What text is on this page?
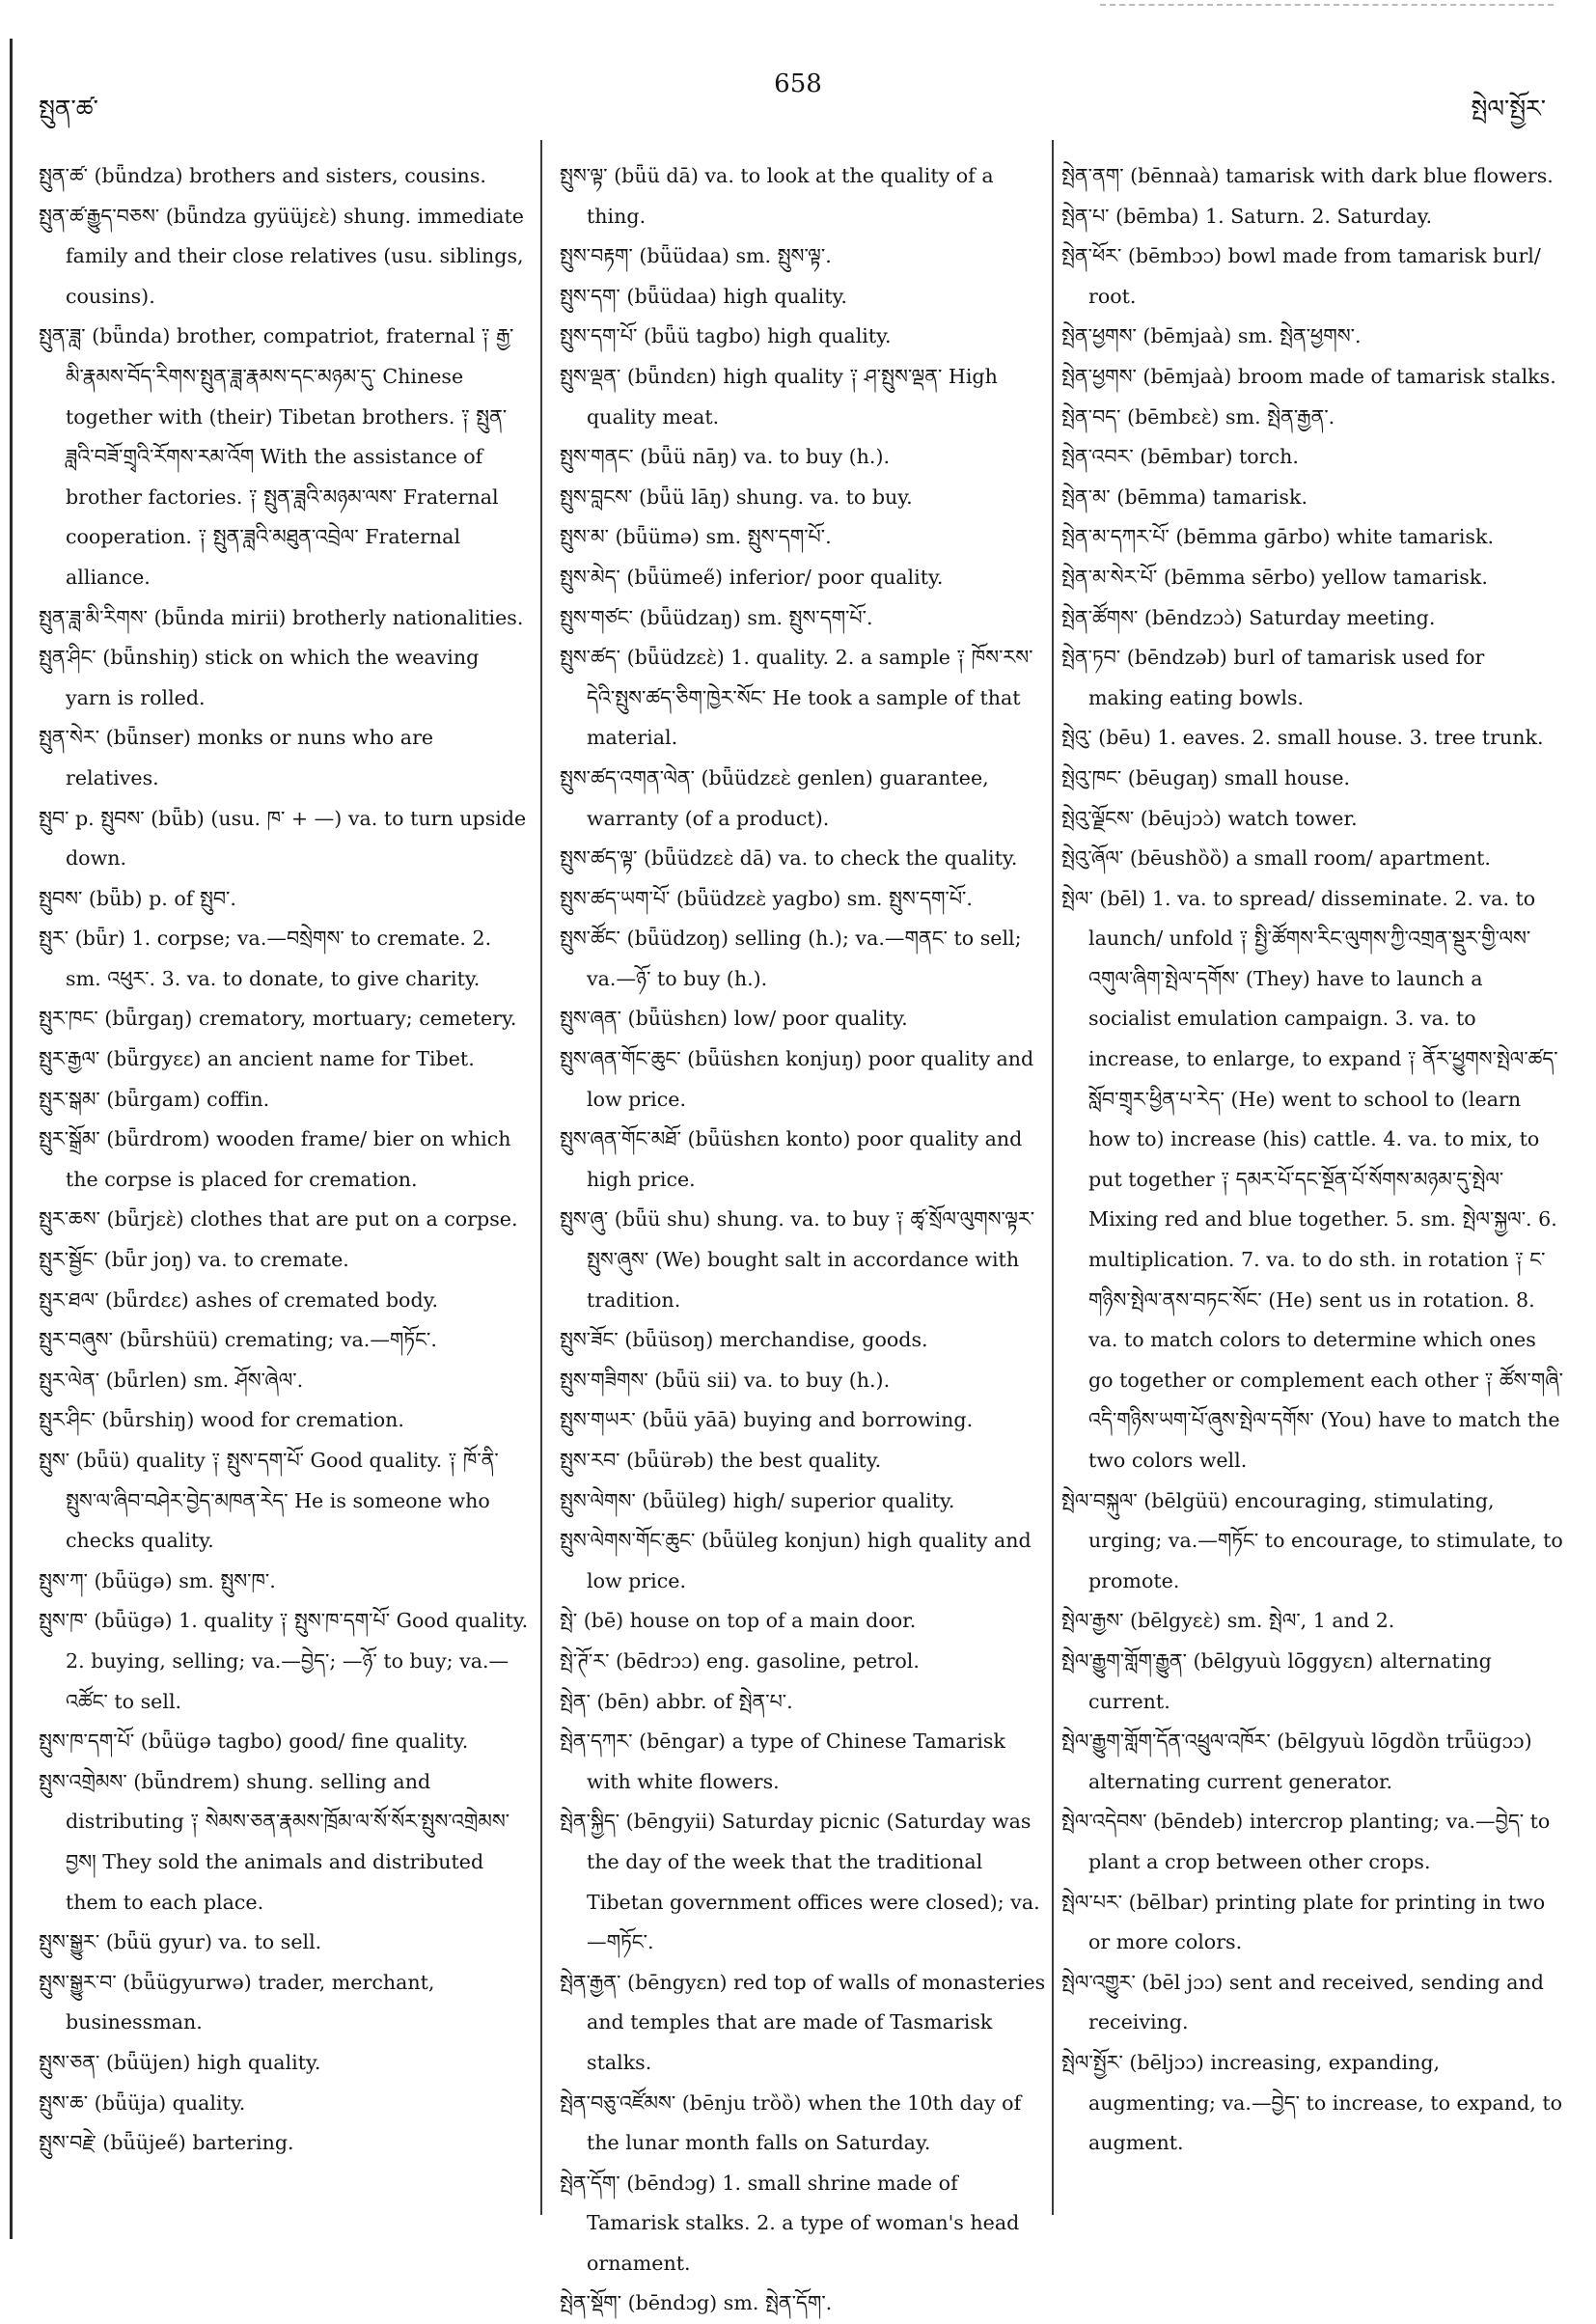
སྤུན་ཚ་
658
སྤེལ་སྤྱོར་

སྤུན་ཚ་ (bǖndza) brothers and sisters, cousins.

སྤུན་ཚ་རྒྱུད་བཅས་ (bǖndza gyüüjɛɛ̀) shung. immediate family and their close relatives (usu. siblings, cousins).

སྤུན་ཟླ་ (bǖnda) brother, compatriot, fraternal ༑ རྒྱ་མི་རྣམས་བོད་རིགས་སྤུན་ཟླ་རྣམས་དང་མཉམ་དུ་ Chinese together with (their) Tibetan brothers. ༑ སྤུན་ཟླའི་བཟོ་གྲྭའི་རོགས་རམ་འོག With the assistance of brother factories. ༑ སྤུན་ཟླའི་མཉམ་ལས་ Fraternal cooperation. ༑ སྤུན་ཟླའི་མཐུན་འབྲེལ་ Fraternal alliance.

སྤུན་ཟླ་མི་རིགས་ (bǖnda mirii) brotherly nationalities.

སྤུན་ཤིང་ (bǖnshiŋ) stick on which the weaving yarn is rolled.

སྤུན་སེར་ (bǖnser) monks or nuns who are relatives.

སྤུབ་ p. སྤུབས་ (bǖb) (usu. ཁ་ + —) va. to turn upside down.

སྤུབས་ (bǖb) p. of སྤུབ་.

སྤུར་ (bǖr) 1. corpse; va.—བསྲེགས་ to cremate. 2. sm. འཕུར་. 3. va. to donate, to give charity.

སྤུར་ཁང་ (bǖrgaŋ) crematory, mortuary; cemetery.

སྤུར་རྒྱལ་ (bǖrgyɛɛ) an ancient name for Tibet.

སྤུར་སྒམ་ (bǖrgam) coffin.

སྤུར་སྒྲོམ་ (bǖrdrom) wooden frame/ bier on which the corpse is placed for cremation.

སྤུར་ཆས་ (bǖrjɛɛ̀) clothes that are put on a corpse.

སྤུར་སྦྱོང་ (bǖr joŋ) va. to cremate.

སྤུར་ཐལ་ (bǖrdɛɛ) ashes of cremated body.

སྤུར་བཞུས་ (bǖrshüü) cremating; va.—གཏོང་.

སྤུར་ལེན་ (bǖrlen) sm. ཤོས་ཞེལ་.

སྤུར་ཤིང་ (bǖrshiŋ) wood for cremation.

སྤུས་ (bǖü) quality ༑ སྤུས་དག་པོ་ Good quality. ༑ ཁོ་ནི་སྤུས་ལ་ཞིབ་བཤེར་བྱེད་མཁན་རེད་ He is someone who checks quality.

སྤུས་ཀ་ (bǖügə) sm. སྤུས་ཁ་.

སྤུས་ཁ་ (bǖügə) 1. quality ༑ སྤུས་ཁ་དག་པོ་ Good quality. 2. buying, selling; va.—བྱེད་; —ཉོ་ to buy; va.—འཚོང་ to sell.

སྤུས་ཁ་དག་པོ་ (bǖügə tagbo) good/ fine quality.

སྤུས་འགྲེམས་ (bǖndrem) shung. selling and distributing ༑ སེམས་ཅན་རྣམས་ཁྲོམ་ལ་སོ་སོར་སྤུས་འགྲེམས་བྱས། They sold the animals and distributed them to each place.

སྤུས་སྒྱུར་ (bǖü gyur) va. to sell.

སྤུས་སྒྱུར་བ་ (bǖügyurwə) trader, merchant, businessman.

སྤུས་ཅན་ (bǖüjen) high quality.

སྤུས་ཆ་ (bǖüja) quality.

སྤུས་བརྗེ་ (bǖüjee̋) bartering.

སྤུས་ལྟ་ (bǖü dā) va. to look at the quality of a thing.

སྤུས་བརྟག་ (bǖüdaa) sm. སྤུས་ལྟ་.

སྤུས་དག་ (bǖüdaa) high quality.

སྤུས་དག་པོ་ (bǖü tagbo) high quality.

སྤུས་ལྡན་ (bǖndɛn) high quality ༑ ཤ་སྤུས་ལྡན་ High quality meat.

སྤུས་གནང་ (bǖü nāŋ) va. to buy (h.).

སྤུས་བླངས་ (bǖü lāŋ) shung. va. to buy.

སྤུས་མ་ (bǖümə) sm. སྤུས་དག་པོ་.

སྤུས་མེད་ (bǖümee̋) inferior/ poor quality.

སྤུས་གཙང་ (bǖüdzaŋ) sm. སྤུས་དག་པོ་.

སྤུས་ཚད་ (bǖüdzɛɛ̀) 1. quality. 2. a sample ༑ ཁོས་རས་དེའི་སྤུས་ཚད་ཅིག་ཁྱེར་སོང་ He took a sample of that material.

སྤུས་ཚད་འགན་ལེན་ (bǖüdzɛɛ̀ genlen) guarantee, warranty (of a product).

སྤུས་ཚད་ལྟ་ (bǖüdzɛɛ̀ dā) va. to check the quality.

སྤུས་ཚད་ཡག་པོ་ (bǖüdzɛɛ̀ yagbo) sm. སྤུས་དག་པོ་.

སྤུས་ཚོང་ (bǖüdzoŋ) selling (h.); va.—གནང་ to sell; va.—ཉོ་ to buy (h.).

སྤུས་ཞན་ (bǖüshɛn) low/ poor quality.

སྤུས་ཞན་གོང་ཆུང་ (bǖüshɛn konjuŋ) poor quality and low price.

སྤུས་ཞན་གོང་མཐོ་ (bǖüshɛn konto) poor quality and high price.

སྤུས་ཞུ་ (bǖü shu) shung. va. to buy ༑ ཚྭ་སྲོལ་ལུགས་ལྟར་སྤུས་ཞུས་ (We) bought salt in accordance with tradition.

སྤུས་ཟོང་ (bǖüsoŋ) merchandise, goods.

སྤུས་གཟིགས་ (bǖü sii) va. to buy (h.).

སྤུས་གཡར་ (bǖü yāā) buying and borrowing.

སྤུས་རབ་ (bǖürəb) the best quality.

སྤུས་ལེགས་ (bǖüleg) high/ superior quality.

སྤུས་ལེགས་གོང་ཆུང་ (bǖüleg konjun) high quality and low price.

སྤེ་ (bē) house on top of a main door.

སྤེ་ཊོ་ར་ (bēdrɔɔ) eng. gasoline, petrol.

སྤེན་ (bēn) abbr. of སྤེན་པ་.

སྤེན་དཀར་ (bēngar) a type of Chinese Tamarisk with white flowers.

སྤེན་སྐྱིད་ (bēngyii) Saturday picnic (Saturday was the day of the week that the traditional Tibetan government offices were closed); va.—གཏོང་.

སྤེན་རྒྱན་ (bēngyɛn) red top of walls of monasteries and temples that are made of Tasmarisk stalks.

སྤེན་བཅུ་འཛོམས་ (bēnju trȍȍ) when the 10th day of the lunar month falls on Saturday.

སྤེན་དོག་ (bēndɔg) 1. small shrine made of Tamarisk stalks. 2. a type of woman's head ornament.

སྤེན་སྡོག་ (bēndɔg) sm. སྤེན་དོག་.

སྤེན་ནག་ (bēnnaà) tamarisk with dark blue flowers.

སྤེན་པ་ (bēmba) 1. Saturn. 2. Saturday.

སྤེན་ཕོར་ (bēmbɔɔ) bowl made from tamarisk burl/ root.

སྤེན་ཕྱགས་ (bēmjaà) sm. སྤེན་ཕྱགས་.

སྤེན་ཕྱགས་ (bēmjaà) broom made of tamarisk stalks.

སྤེན་བད་ (bēmbɛɛ̀) sm. སྤེན་རྒྱན་.

སྤེན་འབར་ (bēmbar) torch.

སྤེན་མ་ (bēmma) tamarisk.

སྤེན་མ་དཀར་པོ་ (bēmma gārbo) white tamarisk.

སྤེན་མ་སེར་པོ་ (bēmma sērbo) yellow tamarisk.

སྤེན་ཚོགས་ (bēndzɔɔ̀) Saturday meeting.

སྤེན་ཏབ་ (bēndzəb) burl of tamarisk used for making eating bowls.

སྤེའུ་ (bēu) 1. eaves. 2. small house. 3. tree trunk.

སྤེའུ་ཁང་ (bēugaŋ) small house.

སྤེའུ་ལྗོངས་ (bēujɔɔ̀) watch tower.

སྤེའུ་ཞོལ་ (bēushȍȍ) a small room/ apartment.

སྤེལ་ (bēl) 1. va. to spread/ disseminate. 2. va. to launch/ unfold ༑ སྤྱི་ཚོགས་རིང་ལུགས་ཀྱི་འགྲན་སྡུར་གྱི་ལས་འགུལ་ཞིག་སྤེལ་དགོས་ (They) have to launch a socialist emulation campaign. 3. va. to increase, to enlarge, to expand ༑ ནོར་ཕྱུགས་སྤེལ་ཚད་སློབ་གྲྭར་ཕྱིན་པ་རེད་ (He) went to school to (learn how to) increase (his) cattle. 4. va. to mix, to put together ༑ དམར་པོ་དང་སྔོན་པོ་སོགས་མཉམ་དུ་སྤེལ་ Mixing red and blue together. 5. sm. སྤེལ་སྐྱལ་. 6. multiplication. 7. va. to do sth. in rotation ༑ ང་གཉིས་སྤེལ་ནས་བཏང་སོང་ (He) sent us in rotation. 8. va. to match colors to determine which ones go together or complement each other ༑ ཚོས་གཞི་འདི་གཉིས་ཡག་པོ་ཞུས་སྤེལ་དགོས་ (You) have to match the two colors well.

སྤེལ་བསྐུལ་ (bēlgüü) encouraging, stimulating, urging; va.—གཏོང་ to encourage, to stimulate, to promote.

སྤེལ་རྒྱས་ (bēlgyɛɛ̀) sm. སྤེལ་, 1 and 2.

སྤེལ་རྒྱུག་གློག་རྒྱུན་ (bēlgyuù lōggyɛn) alternating current.

སྤེལ་རྒྱུག་གློག་དོན་འཕྲུལ་འཁོར་ (bēlgyuù lōgdȍn trǖügɔɔ) alternating current generator.

སྤེལ་འདེབས་ (bēndeb) intercrop planting; va.—བྱེད་ to plant a crop between other crops.

སྤེལ་པར་ (bēlbar) printing plate for printing in two or more colors.

སྤེལ་འགྱུར་ (bēl jɔɔ) sent and received, sending and receiving.

སྤེལ་སྤྱོར་ (bēljɔɔ) increasing, expanding, augmenting; va.—བྱེད་ to increase, to expand, to augment.
